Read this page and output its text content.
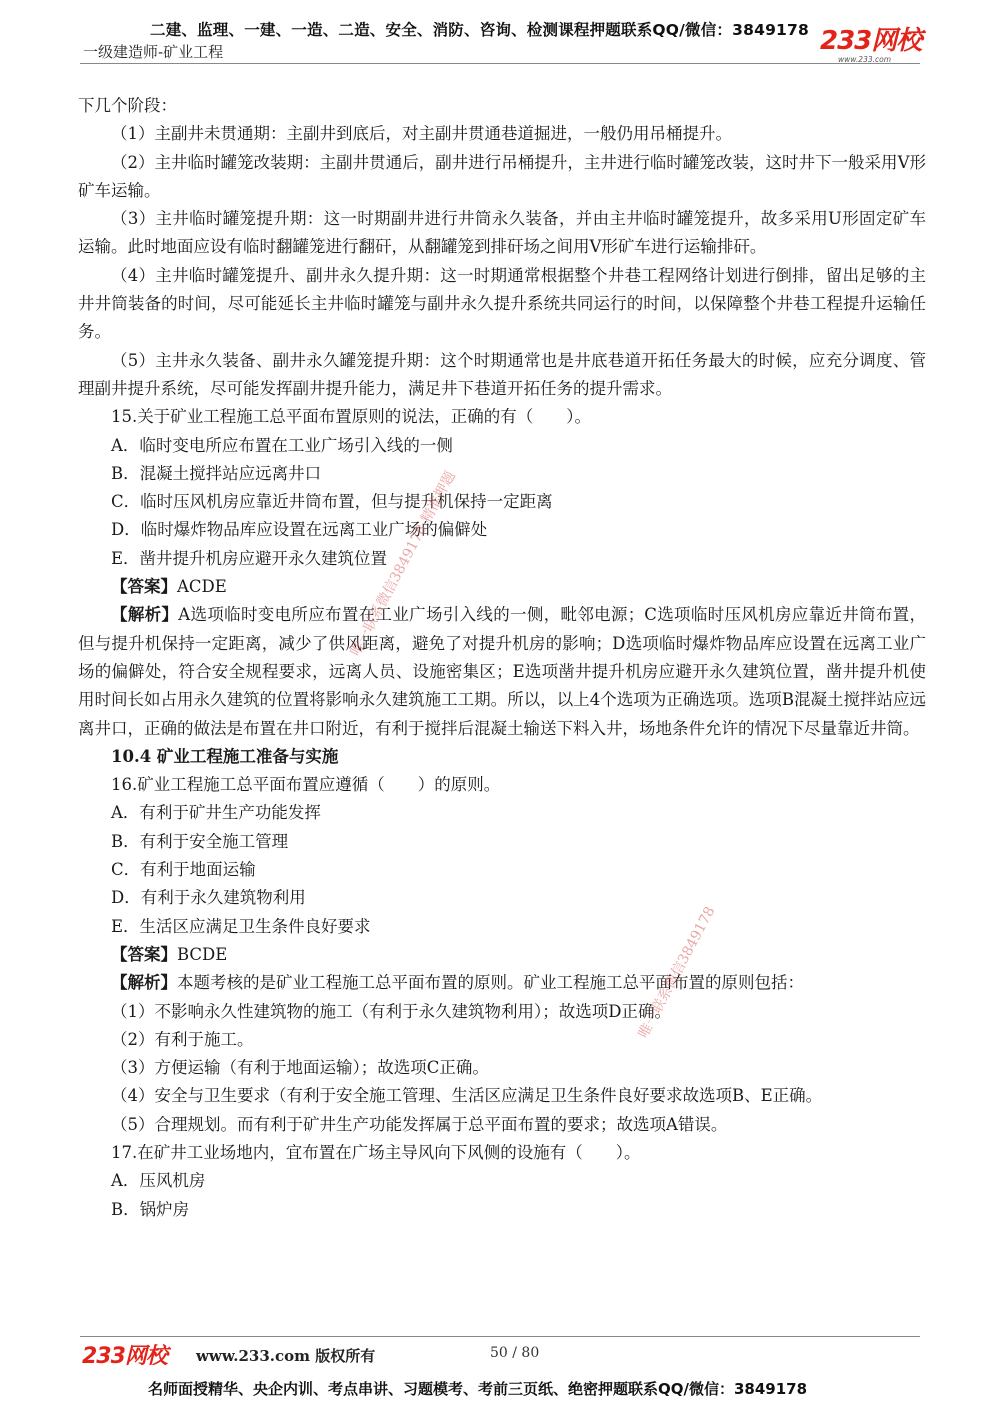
二建、监理、一建、一造、二造、安全、消防、咨询、检测课程押题联系QQ/微信：3849178
一级建造师-矿业工程	233网校
www.233.com
下几个阶段：
（1）主副井未贯通期：主副井到底后，对主副井贯通巷道掘进，一般仍用吊桶提升。
（2）主井临时罐笼改装期：主副井贯通后，副井进行吊桶提升，主井进行临时罐笼改装，这时井下一般采用V形矿车运输。
（3）主井临时罐笼提升期：这一时期副井进行井筒永久装备，并由主井临时罐笼提升，故多采用U形固定矿车运输。此时地面应设有临时翻罐笼进行翻矸，从翻罐笼到排矸场之间用V形矿车进行运输排矸。
（4）主井临时罐笼提升、副井永久提升期：这一时期通常根据整个井巷工程网络计划进行倒排，留出足够的主井井筒装备的时间，尽可能延长主井临时罐笼与副井永久提升系统共同运行的时间，以保障整个井巷工程提升运输任务。
（5）主井永久装备、副井永久罐笼提升期：这个时期通常也是井底巷道开拓任务最大的时候，应充分调度、管理副井提升系统，尽可能发挥副井提升能力，满足井下巷道开拓任务的提升需求。
15.关于矿业工程施工总平面布置原则的说法，正确的有（　　）。
A．临时变电所应布置在工业广场引入线的一侧
B．混凝土搅拌站应远离井口
C．临时压风机房应靠近井筒布置，但与提升机保持一定距离
D．临时爆炸物品库应设置在远离工业广场的偏僻处
E．凿井提升机房应避开永久建筑位置
【答案】ACDE
【解析】A选项临时变电所应布置在工业广场引入线的一侧，毗邻电源；C选项临时压风机房应靠近井筒布置，但与提升机保持一定距离，减少了供风距离，避免了对提升机房的影响；D选项临时爆炸物品库应设置在远离工业广场的偏僻处，符合安全规程要求，远离人员、设施密集区；E选项凿井提升机房应避开永久建筑位置，凿井提升机使用时间长如占用永久建筑的位置将影响永久建筑施工工期。所以，以上4个选项为正确选项。选项B混凝土搅拌站应远离井口，正确的做法是布置在井口附近，有利于搅拌后混凝土输送下料入井，场地条件允许的情况下尽量靠近井筒。
10.4 矿业工程施工准备与实施
16.矿业工程施工总平面布置应遵循（　　）的原则。
A．有利于矿井生产功能发挥
B．有利于安全施工管理
C．有利于地面运输
D．有利于永久建筑物利用
E．生活区应满足卫生条件良好要求
【答案】BCDE
【解析】本题考核的是矿业工程施工总平面布置的原则。矿业工程施工总平面布置的原则包括：
（1）不影响永久性建筑物的施工（有利于永久建筑物利用）；故选项D正确。
（2）有利于施工。
（3）方便运输（有利于地面运输）；故选项C正确。
（4）安全与卫生要求（有利于安全施工管理、生活区应满足卫生条件良好要求故选项B、E正确。
（5）合理规划。而有利于矿井生产功能发挥属于总平面布置的要求；故选项A错误。
17.在矿井工业场地内，宜布置在广场主导风向下风侧的设施有（　　）。
A．压风机房
B．锅炉房
唯一联系微信3849178 精准押题
唯一联系微信3849178
233网校 www.233.com 版权所有	50 / 80
名师面授精华、央企内训、考点串讲、习题模考、考前三页纸、绝密押题联系QQ/微信：3849178
